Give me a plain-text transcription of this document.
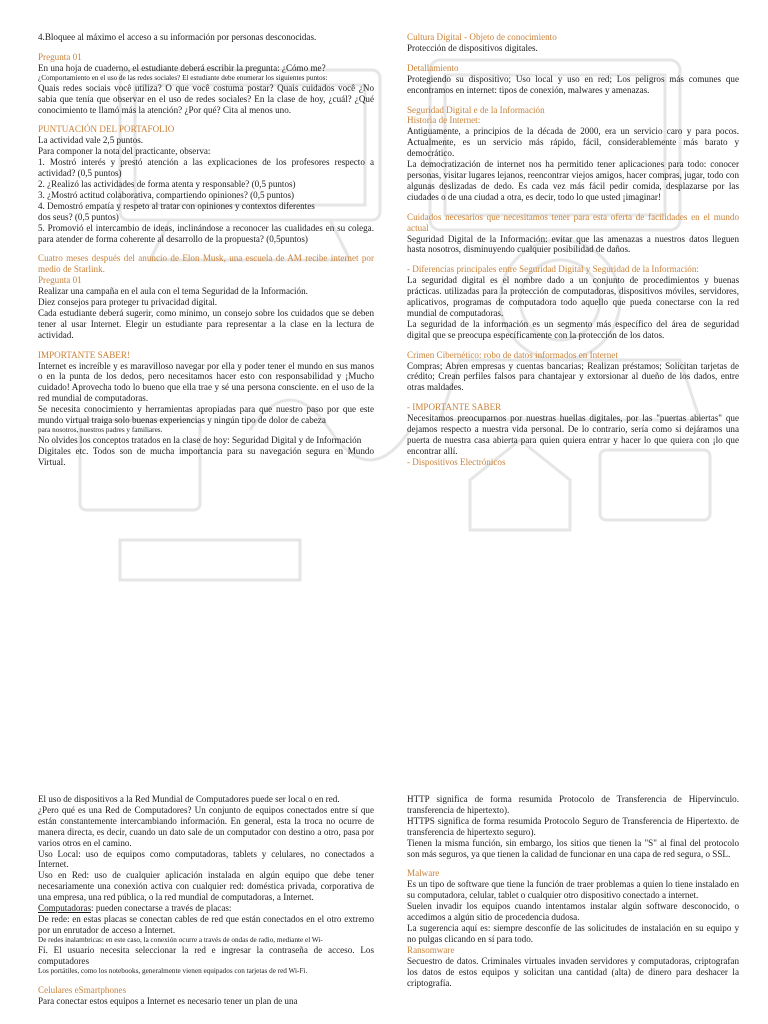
4.Bloquee al máximo el acceso a su información por personas desconocidas.

Pregunta 01

En una hoja de cuaderno, el estudiante deberá escribir la pregunta: ¿Cómo me?

¿Comportamiento en el uso de las redes sociales? El estudiante debe enumerar los siguientes puntos:

Quais redes sociais você utiliza? O que você costuma postar? Quais cuidados você ¿No sabia que tenía que observar en el uso de redes sociales? En la clase de hoy, ¿cuál? ¿Qué conocimiento te llamó más la atención? ¿Por qué? Cita al menos uno.

PUNTUACIÓN DEL PORTAFOLIO

La actividad vale 2,5 puntos.

Para componer la nota del practicante, observa:

1. Mostró interés y prestó atención a las explicaciones de los profesores respecto a actividad? (0,5 puntos)

2. ¿Realizó las actividades de forma atenta y responsable? (0,5 puntos)

3. ¿Mostró actitud colaborativa, compartiendo opiniones? (0,5 puntos)

4. Demostró empatía y respeto al tratar con opiniones y contextos diferentes

dos seus? (0,5 puntos)

5. Promovió el intercambio de ideas, inclinándose a reconocer las cualidades en su colega. para atender de forma coherente al desarrollo de la propuesta? (0,5puntos)

Cuatro meses después del anuncio de Elon Musk, una escuela de AM recibe internet por medio de Starlink.

Pregunta 01

Realizar una campaña en el aula con el tema Seguridad de la Información.

Diez consejos para proteger tu privacidad digital.

Cada estudiante deberá sugerir, como mínimo, un consejo sobre los cuidados que se deben tener al usar Internet. Elegir un estudiante para representar a la clase en la lectura de actividad.

IMPORTANTE SABER!

Internet es increíble y es maravilloso navegar por ella y poder tener el mundo en sus manos o en la punta de los dedos, pero necesitamos hacer esto con responsabilidad y ¡Mucho cuidado! Aprovecha todo lo bueno que ella trae y sé una persona consciente. en el uso de la red mundial de computadoras.

Se necesita conocimiento y herramientas apropiadas para que nuestro paso por que este mundo virtual traiga solo buenas experiencias y ningún tipo de dolor de cabeza

para nosotros, nuestros padres y familiares.

No olvides los conceptos tratados en la clase de hoy: Seguridad Digital y de Información

Digitales etc. Todos son de mucha importancia para su navegación segura en Mundo Virtual.

Cultura Digital - Objeto de conocimiento

Protección de dispositivos digitales.

Detallamiento

Protegiendo su dispositivo; Uso local y uso en red; Los peligros más comunes que encontramos en internet: tipos de conexión, malwares y amenazas.

Seguridad Digital e de la Información

Historia de Internet:

Antiguamente, a principios de la década de 2000, era un servicio caro y para pocos. Actualmente, es un servicio más rápido, fácil, considerablemente más barato y democrático.

La democratización de internet nos ha permitido tener aplicaciones para todo: conocer personas, visitar lugares lejanos, reencontrar viejos amigos, hacer compras, jugar, todo con algunas deslizadas de dedo. Es cada vez más fácil pedir comida, desplazarse por las ciudades o de una ciudad a otra, es decir, todo lo que usted ¡imaginar!

Cuidados necesarios que necesitamos tener para esta oferta de facilidades en el mundo actual

Seguridad Digital de la Información: evitar que las amenazas a nuestros datos lleguen hasta nosotros, disminuyendo cualquier posibilidad de daños.

- Diferencias principales entre Seguridad Digital y Seguridad de la Información:

La seguridad digital es el nombre dado a un conjunto de procedimientos y buenas prácticas. utilizadas para la protección de computadoras, dispositivos móviles, servidores, aplicativos, programas de computadora todo aquello que pueda conectarse con la red mundial de computadoras.

La seguridad de la información es un segmento más específico del área de seguridad digital que se preocupa específicamente con la protección de los datos.

Crimen Cibernético: robo de datos informados en Internet

Compras; Abren empresas y cuentas bancarias; Realizan préstamos; Solicitan tarjetas de crédito; Crean perfiles falsos para chantajear y extorsionar al dueño de los dados, entre otras maldades.

- IMPORTANTE SABER

Necesitamos preocuparnos por nuestras huellas digitales, por las "puertas abiertas" que dejamos respecto a nuestra vida personal. De lo contrario, sería como si dejáramos una puerta de nuestra casa abierta para quien quiera entrar y hacer lo que quiera con ¡lo que encontrar allí.

- Dispositivos Electrónicos

El uso de dispositivos a la Red Mundial de Computadores puede ser local o en red.

¿Pero qué es una Red de Computadores? Un conjunto de equipos conectados entre sí que están constantemente intercambiando información. En general, esta la troca no ocurre de manera directa, es decir, cuando un dato sale de un computador con destino a otro, pasa por varios otros en el camino.

Uso Local: uso de equipos como computadoras, tablets y celulares, no conectados a Internet.

Uso en Red: uso de cualquier aplicación instalada en algún equipo que debe tener necesariamente una conexión activa con cualquier red: doméstica privada, corporativa de una empresa, una red pública, o la red mundial de computadoras, a Internet.

Computadoras: pueden conectarse a través de placas:

De rede: en estas placas se conectan cables de red que están conectados en el otro extremo por un enrutador de acceso a Internet.

De redes inalambricas: en este caso, la conexión ocurre a través de ondas de radio, mediante el Wi-

Fi. El usuario necesita seleccionar la red e ingresar la contraseña de acceso. Los computadores

Los portátiles, como los notebooks, generalmente vienen equipados con tarjetas de red Wi-Fi.

Celulares eSmartphones

Para conectar estos equipos a Internet es necesario tener un plan de una

HTTP significa de forma resumida Protocolo de Transferencia de Hipervínculo. transferencia de hipertexto).

HTTPS significa de forma resumida Protocolo Seguro de Transferencia de Hipertexto. de transferencia de hipertexto seguro).

Tienen la misma función, sin embargo, los sitios que tienen la "S" al final del protocolo son más seguros, ya que tienen la calidad de funcionar en una capa de red segura, o SSL.

Malware

Es un tipo de software que tiene la función de traer problemas a quien lo tiene instalado en su computadora, celular, tablet o cualquier otro dispositivo conectado a internet.

Suelen invadir los equipos cuando intentamos instalar algún software desconocido, o accedimos a algún sitio de procedencia dudosa.

La sugerencia aquí es: siempre desconfíe de las solicitudes de instalación en su equipo y no pulgas clicando en sí para todo.

Ransomware

Secuestro de datos. Criminales virtuales invaden servidores y computadoras, criptografan los datos de estos equipos y solicitan una cantidad (alta) de dinero para deshacer la criptografía.
